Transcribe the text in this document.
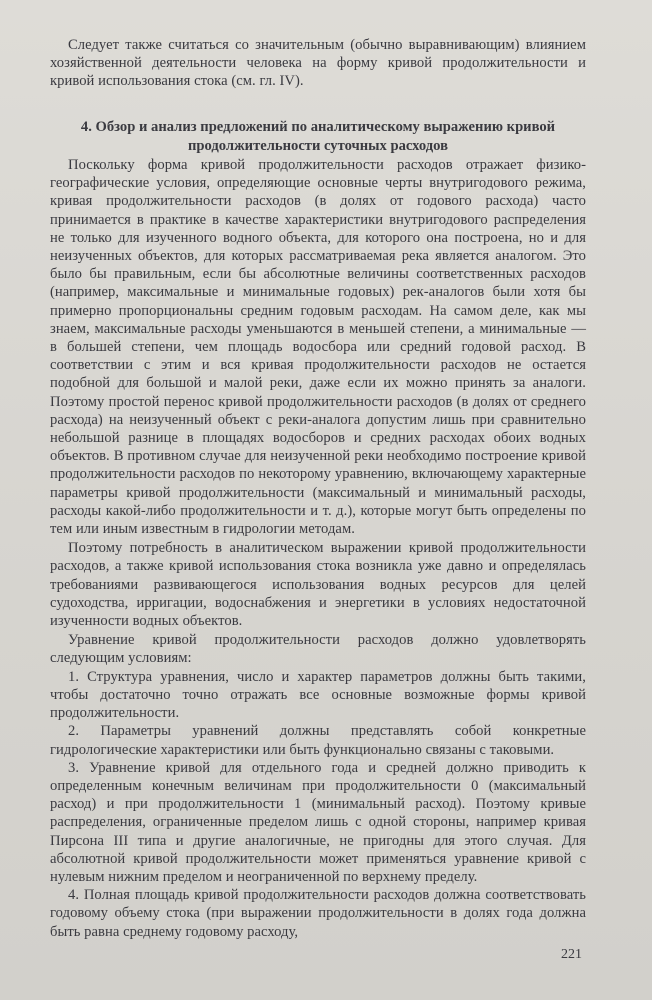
Следует также считаться со значительным (обычно выравнивающим) влиянием хозяйственной деятельности человека на форму кривой продолжительности и кривой использования стока (см. гл. IV).

4. Обзор и анализ предложений по аналитическому выражению кривой продолжительности суточных расходов

Поскольку форма кривой продолжительности расходов отражает физико-географические условия, определяющие основные черты внутригодового режима, кривая продолжительности расходов (в долях от годового расхода) часто принимается в практике в качестве характеристики внутригодового распределения не только для изученного водного объекта, для которого она построена, но и для неизученных объектов, для которых рассматриваемая река является аналогом. Это было бы правильным, если бы абсолютные величины соответственных расходов (например, максимальные и минимальные годовых) рек-аналогов были хотя бы примерно пропорциональны средним годовым расходам. На самом деле, как мы знаем, максимальные расходы уменьшаются в меньшей степени, а минимальные — в большей степени, чем площадь водосбора или средний годовой расход. В соответствии с этим и вся кривая продолжительности расходов не остается подобной для большой и малой реки, даже если их можно принять за аналоги. Поэтому простой перенос кривой продолжительности расходов (в долях от среднего расхода) на неизученный объект с реки-аналога допустим лишь при сравнительно небольшой разнице в площадях водосборов и средних расходах обоих водных объектов. В противном случае для неизученной реки необходимо построение кривой продолжительности расходов по некоторому уравнению, включающему характерные параметры кривой продолжительности (максимальный и минимальный расходы, расходы какой-либо продолжительности и т. д.), которые могут быть определены по тем или иным известным в гидрологии методам.

Поэтому потребность в аналитическом выражении кривой продолжительности расходов, а также кривой использования стока возникла уже давно и определялась требованиями развивающегося использования водных ресурсов для целей судоходства, ирригации, водоснабжения и энергетики в условиях недостаточной изученности водных объектов.

Уравнение кривой продолжительности расходов должно удовлетворять следующим условиям:

1. Структура уравнения, число и характер параметров должны быть такими, чтобы достаточно точно отражать все основные возможные формы кривой продолжительности.

2. Параметры уравнений должны представлять собой конкретные гидрологические характеристики или быть функционально связаны с таковыми.

3. Уравнение кривой для отдельного года и средней должно приводить к определенным конечным величинам при продолжительности 0 (максимальный расход) и при продолжительности 1 (минимальный расход). Поэтому кривые распределения, ограниченные пределом лишь с одной стороны, например кривая Пирсона III типа и другие аналогичные, не пригодны для этого случая. Для абсолютной кривой продолжительности может применяться уравнение кривой с нулевым нижним пределом и неограниченной по верхнему пределу.

4. Полная площадь кривой продолжительности расходов должна соответствовать годовому объему стока (при выражении продолжительности в долях года должна быть равна среднему годовому расходу,

221
